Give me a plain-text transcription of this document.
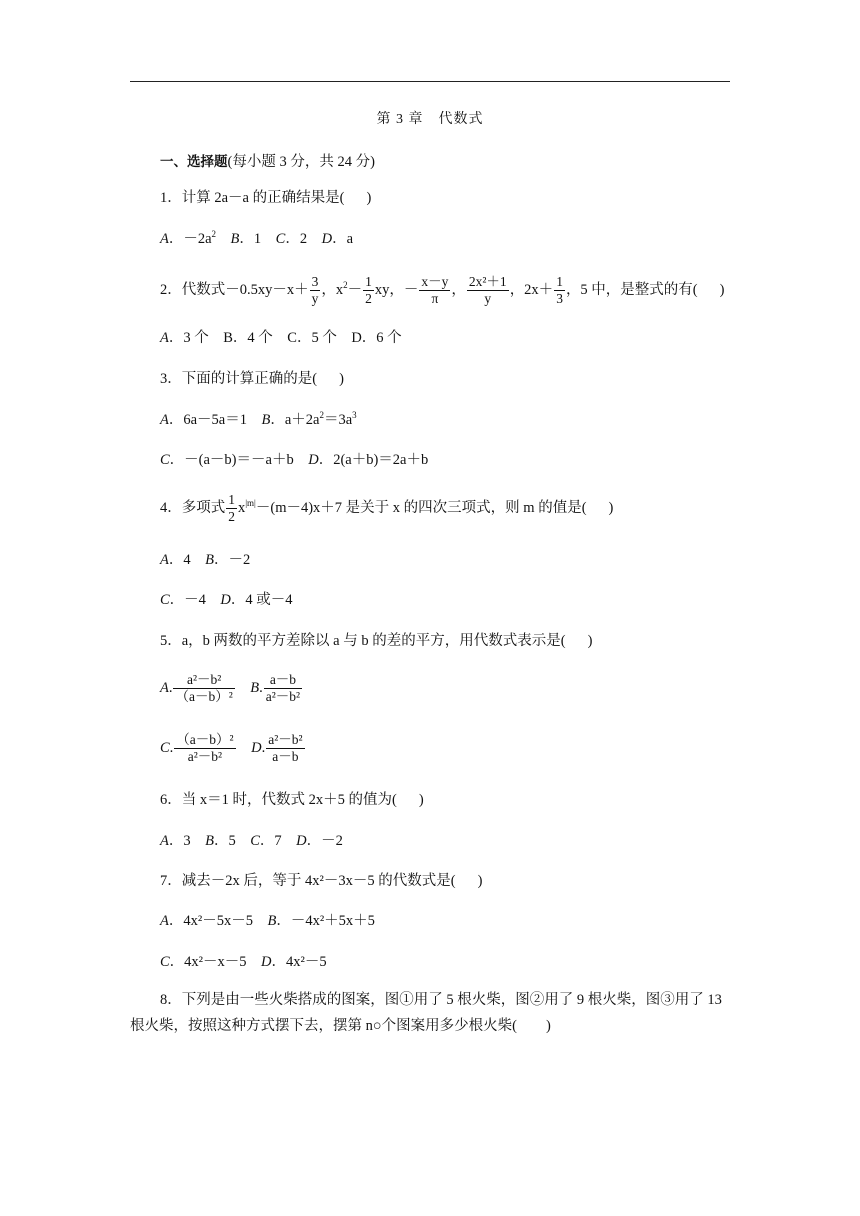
第 3 章　代数式
一、选择题(每小题 3 分，共 24 分)
1．计算 2a－a 的正确结果是( )
A．$-2a^2$　 B．1　 C．2　 D．a
2．代数式$-0.5xy-x+ \frac{3}{y}$ ，$x^2- \frac{1}{2}$ xy，－ $\frac{x-y}{\pi}$ ， $\frac{\text{2x²＋1}}{y}$ ，$2x+ \frac{1}{3}$ ，5 中，是整式的有( )
A．3 个　B．4 个　C．5 个　D．6 个
3．下面的计算正确的是( )
A．6a－5a＝1　 B．$a+2a^2=3a^3$
C．－(a－b)＝－a＋b　 D．2(a＋b)＝2a＋b
4．多项式 $\frac{1}{2} x^{|m|}-(m-4)x+7$ 是关于 x 的四次三项式，则 m 的值是( )
A．4　 B．－2
C．－4　 D．4 或－4
5．a，b 两数的平方差除以 a 与 b 的差的平方，用代数式表示是( )
A. $\frac{\text{a²－b²}}{\text{（a－b）²}}$
　 B. $\frac{a-b}{\text{a²－b²}}$
C. $\frac{\text{（a－b）²}}{\text{a²－b²}}$
　 D. $\frac{\text{a²－b²}}{a-b}$
6．当 x＝1 时，代数式 2x＋5 的值为( )
A．3　 B．5　 C．7　 D．－2
7．减去－2x 后，等于 4x²－3x－5 的代数式是( )
A．4x²－5x－5　 B．－4x²＋5x＋5
C．4x²－x－5　 D．4x²－5
8．下列是由一些火柴搭成的图案，图①用了 5 根火柴，图②用了 9 根火柴，图③用了 13 根火柴，按照这种方式摆下去，摆第 n○个图案用多少根火柴(　　)
